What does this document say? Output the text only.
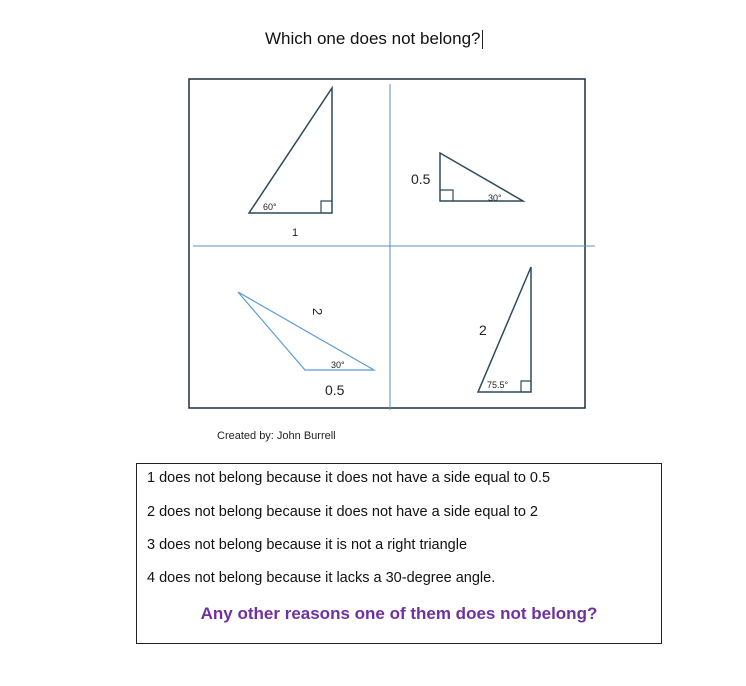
Which one does not belong?
60°
1
30°
0.5
30°
2
0.5	75.5°
2
Created by: John Burrell
1 does not belong because it does not have a side equal to 0.5
2 does not belong because it does not have a side equal to 2
3 does not belong because it is not a right triangle
4 does not belong because it lacks a 30-degree angle.
Any other reasons one of them does not belong?
